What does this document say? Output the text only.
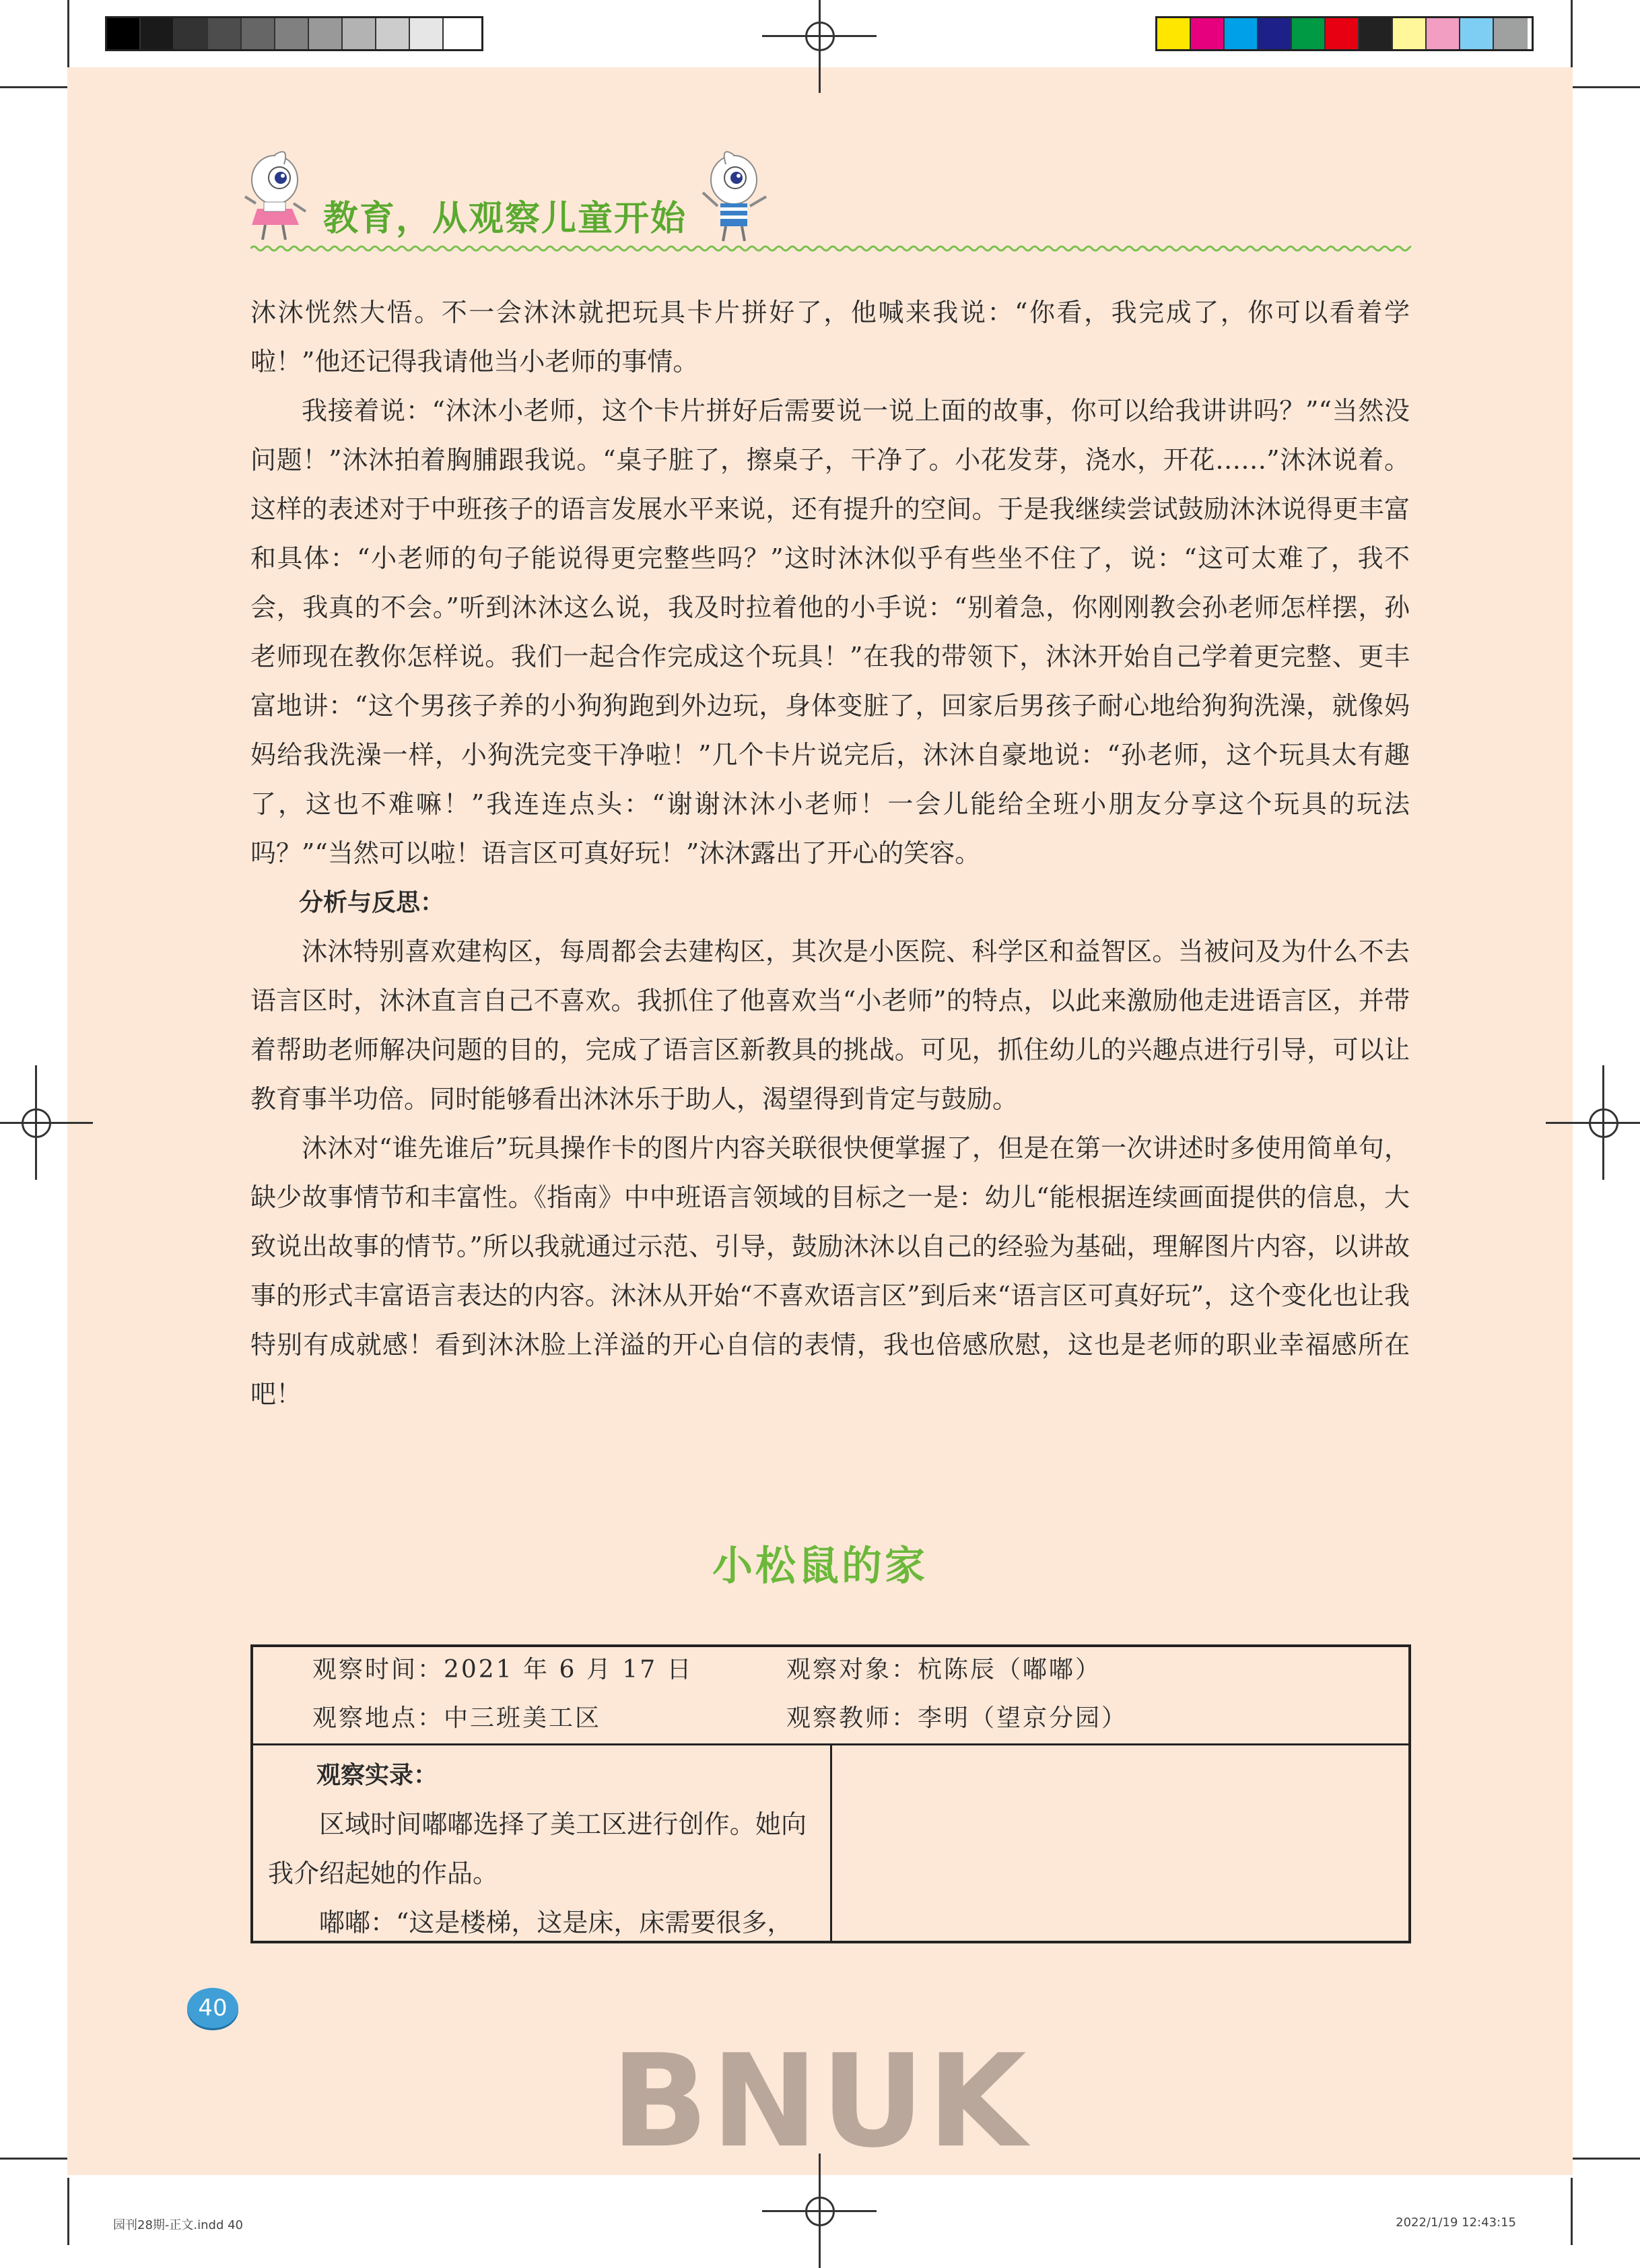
教育，从观察儿童开始

沐沐恍然大悟。不一会沐沐就把玩具卡片拼好了，他喊来我说：“你看，我完成了，你可以看着学啦！”他还记得我请他当小老师的事情。

我接着说：“沐沐小老师，这个卡片拼好后需要说一说上面的故事，你可以给我讲讲吗？”“当然没问题！”沐沐拍着胸脯跟我说。“桌子脏了，擦桌子，干净了。小花发芽，浇水，开花……”沐沐说着。这样的表述对于中班孩子的语言发展水平来说，还有提升的空间。于是我继续尝试鼓励沐沐说得更丰富和具体：“小老师的句子能说得更完整些吗？”这时沐沐似乎有些坐不住了，说：“这可太难了，我不会，我真的不会。”听到沐沐这么说，我及时拉着他的小手说：“别着急，你刚刚教会孙老师怎样摆，孙老师现在教你怎样说。我们一起合作完成这个玩具！”在我的带领下，沐沐开始自己学着更完整、更丰富地讲：“这个男孩子养的小狗狗跑到外边玩，身体变脏了，回家后男孩子耐心地给狗狗洗澡，就像妈妈给我洗澡一样，小狗洗完变干净啦！”几个卡片说完后，沐沐自豪地说：“孙老师，这个玩具太有趣了，这也不难嘛！”我连连点头：“谢谢沐沐小老师！一会儿能给全班小朋友分享这个玩具的玩法吗？”“当然可以啦！语言区可真好玩！”沐沐露出了开心的笑容。

分析与反思：

沐沐特别喜欢建构区，每周都会去建构区，其次是小医院、科学区和益智区。当被问及为什么不去语言区时，沐沐直言自己不喜欢。我抓住了他喜欢当“小老师”的特点，以此来激励他走进语言区，并带着帮助老师解决问题的目的，完成了语言区新教具的挑战。可见，抓住幼儿的兴趣点进行引导，可以让教育事半功倍。同时能够看出沐沐乐于助人，渴望得到肯定与鼓励。

沐沐对“谁先谁后”玩具操作卡的图片内容关联很快便掌握了，但是在第一次讲述时多使用简单句，缺少故事情节和丰富性。《指南》中中班语言领域的目标之一是：幼儿“能根据连续画面提供的信息，大致说出故事的情节。”所以我就通过示范、引导，鼓励沐沐以自己的经验为基础，理解图片内容，以讲故事的形式丰富语言表达的内容。沐沐从开始“不喜欢语言区”到后来“语言区可真好玩”，这个变化也让我特别有成就感！看到沐沐脸上洋溢的开心自信的表情，我也倍感欣慰，这也是老师的职业幸福感所在吧！

小松鼠的家
观察时间：2021 年 6 月 17 日	观察对象：杭陈辰（嘟嘟）
观察地点：中三班美工区	观察教师：李明（望京分园）

观察实录：

区域时间嘟嘟选择了美工区进行创作。她向我介绍起她的作品。

嘟嘟：“这是楼梯，这是床，床需要很多，

40
BNUK
园刊28期-正文.indd 40	2022/1/19 12:43:15
